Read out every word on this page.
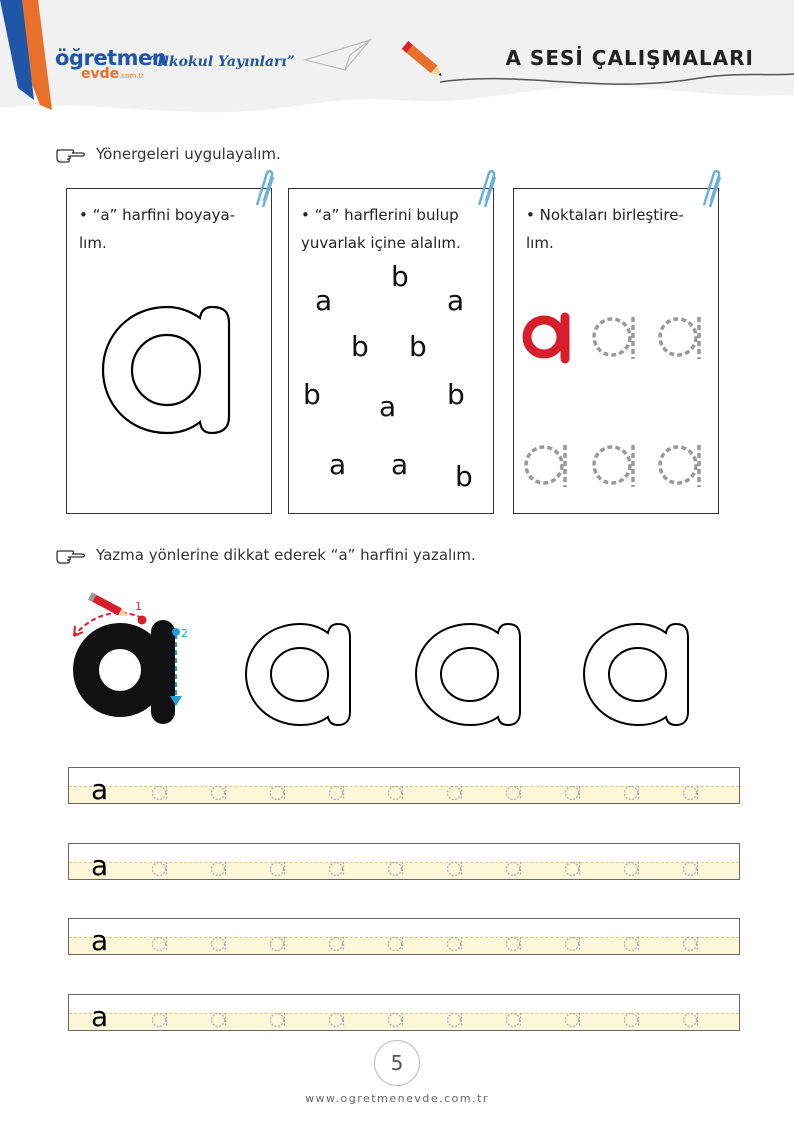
öğretmen
evde.com.tr
“İlkokul Yayınları”	A SESİ ÇALIŞMALARI
Yönergeleri uygulayalım.
• “a” harfini boyaya-
lım.
• “a” harflerini bulup
yuvarlak içine alalım.
a
b
a
b b
b a b
a a b
• Noktaları birleştire-
lım.
Yazma yönlerine dikkat ederek “a” harfini yazalım.
1
2
a
a
a
a
5
www.ogretmenevde.com.tr
